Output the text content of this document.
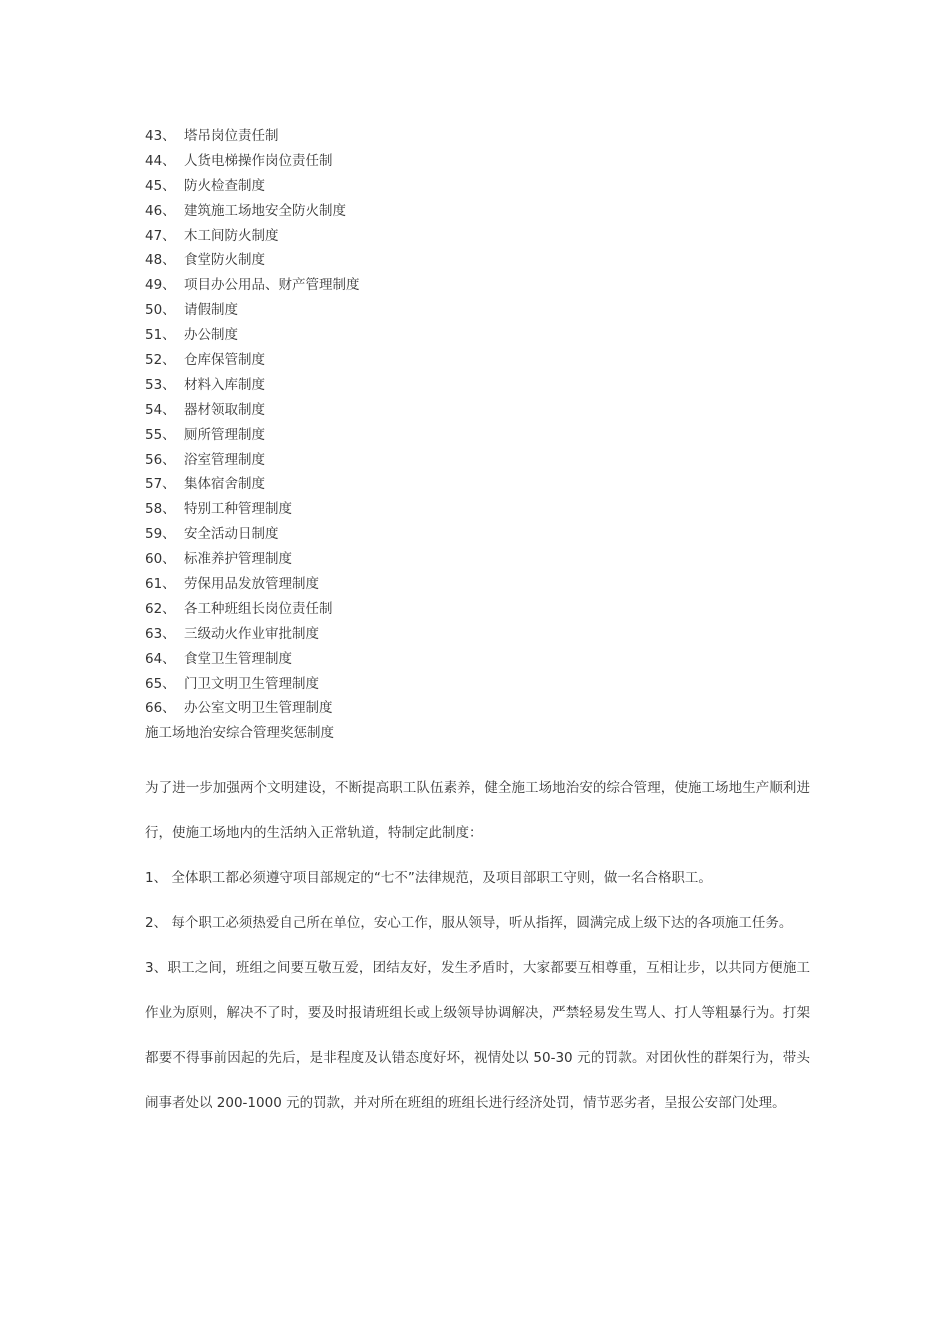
43、 塔吊岗位责任制
44、 人货电梯操作岗位责任制
45、 防火检查制度
46、 建筑施工场地安全防火制度
47、 木工间防火制度
48、 食堂防火制度
49、 项目办公用品、财产管理制度
50、 请假制度
51、 办公制度
52、 仓库保管制度
53、 材料入库制度
54、 器材领取制度
55、 厕所管理制度
56、 浴室管理制度
57、 集体宿舍制度
58、 特别工种管理制度
59、 安全活动日制度
60、 标准养护管理制度
61、 劳保用品发放管理制度
62、 各工种班组长岗位责任制
63、 三级动火作业审批制度
64、 食堂卫生管理制度
65、 门卫文明卫生管理制度
66、 办公室文明卫生管理制度
施工场地治安综合管理奖惩制度

为了进一步加强两个文明建设，不断提高职工队伍素养，健全施工场地治安的综合管理，使施工场地生产顺利进行，使施工场地内的生活纳入正常轨道，特制定此制度：

1、 全体职工都必须遵守项目部规定的“七不”法律规范，及项目部职工守则，做一名合格职工。

2、 每个职工必须热爱自己所在单位，安心工作，服从领导，听从指挥，圆满完成上级下达的各项施工任务。

3、职工之间，班组之间要互敬互爱，团结友好，发生矛盾时，大家都要互相尊重，互相让步，以共同方便施工作业为原则，解决不了时，要及时报请班组长或上级领导协调解决，严禁轻易发生骂人、打人等粗暴行为。打架都要不得事前因起的先后，是非程度及认错态度好坏，视情处以 50-30 元的罚款。对团伙性的群架行为，带头闹事者处以 200-1000 元的罚款，并对所在班组的班组长进行经济处罚，情节恶劣者，呈报公安部门处理。
